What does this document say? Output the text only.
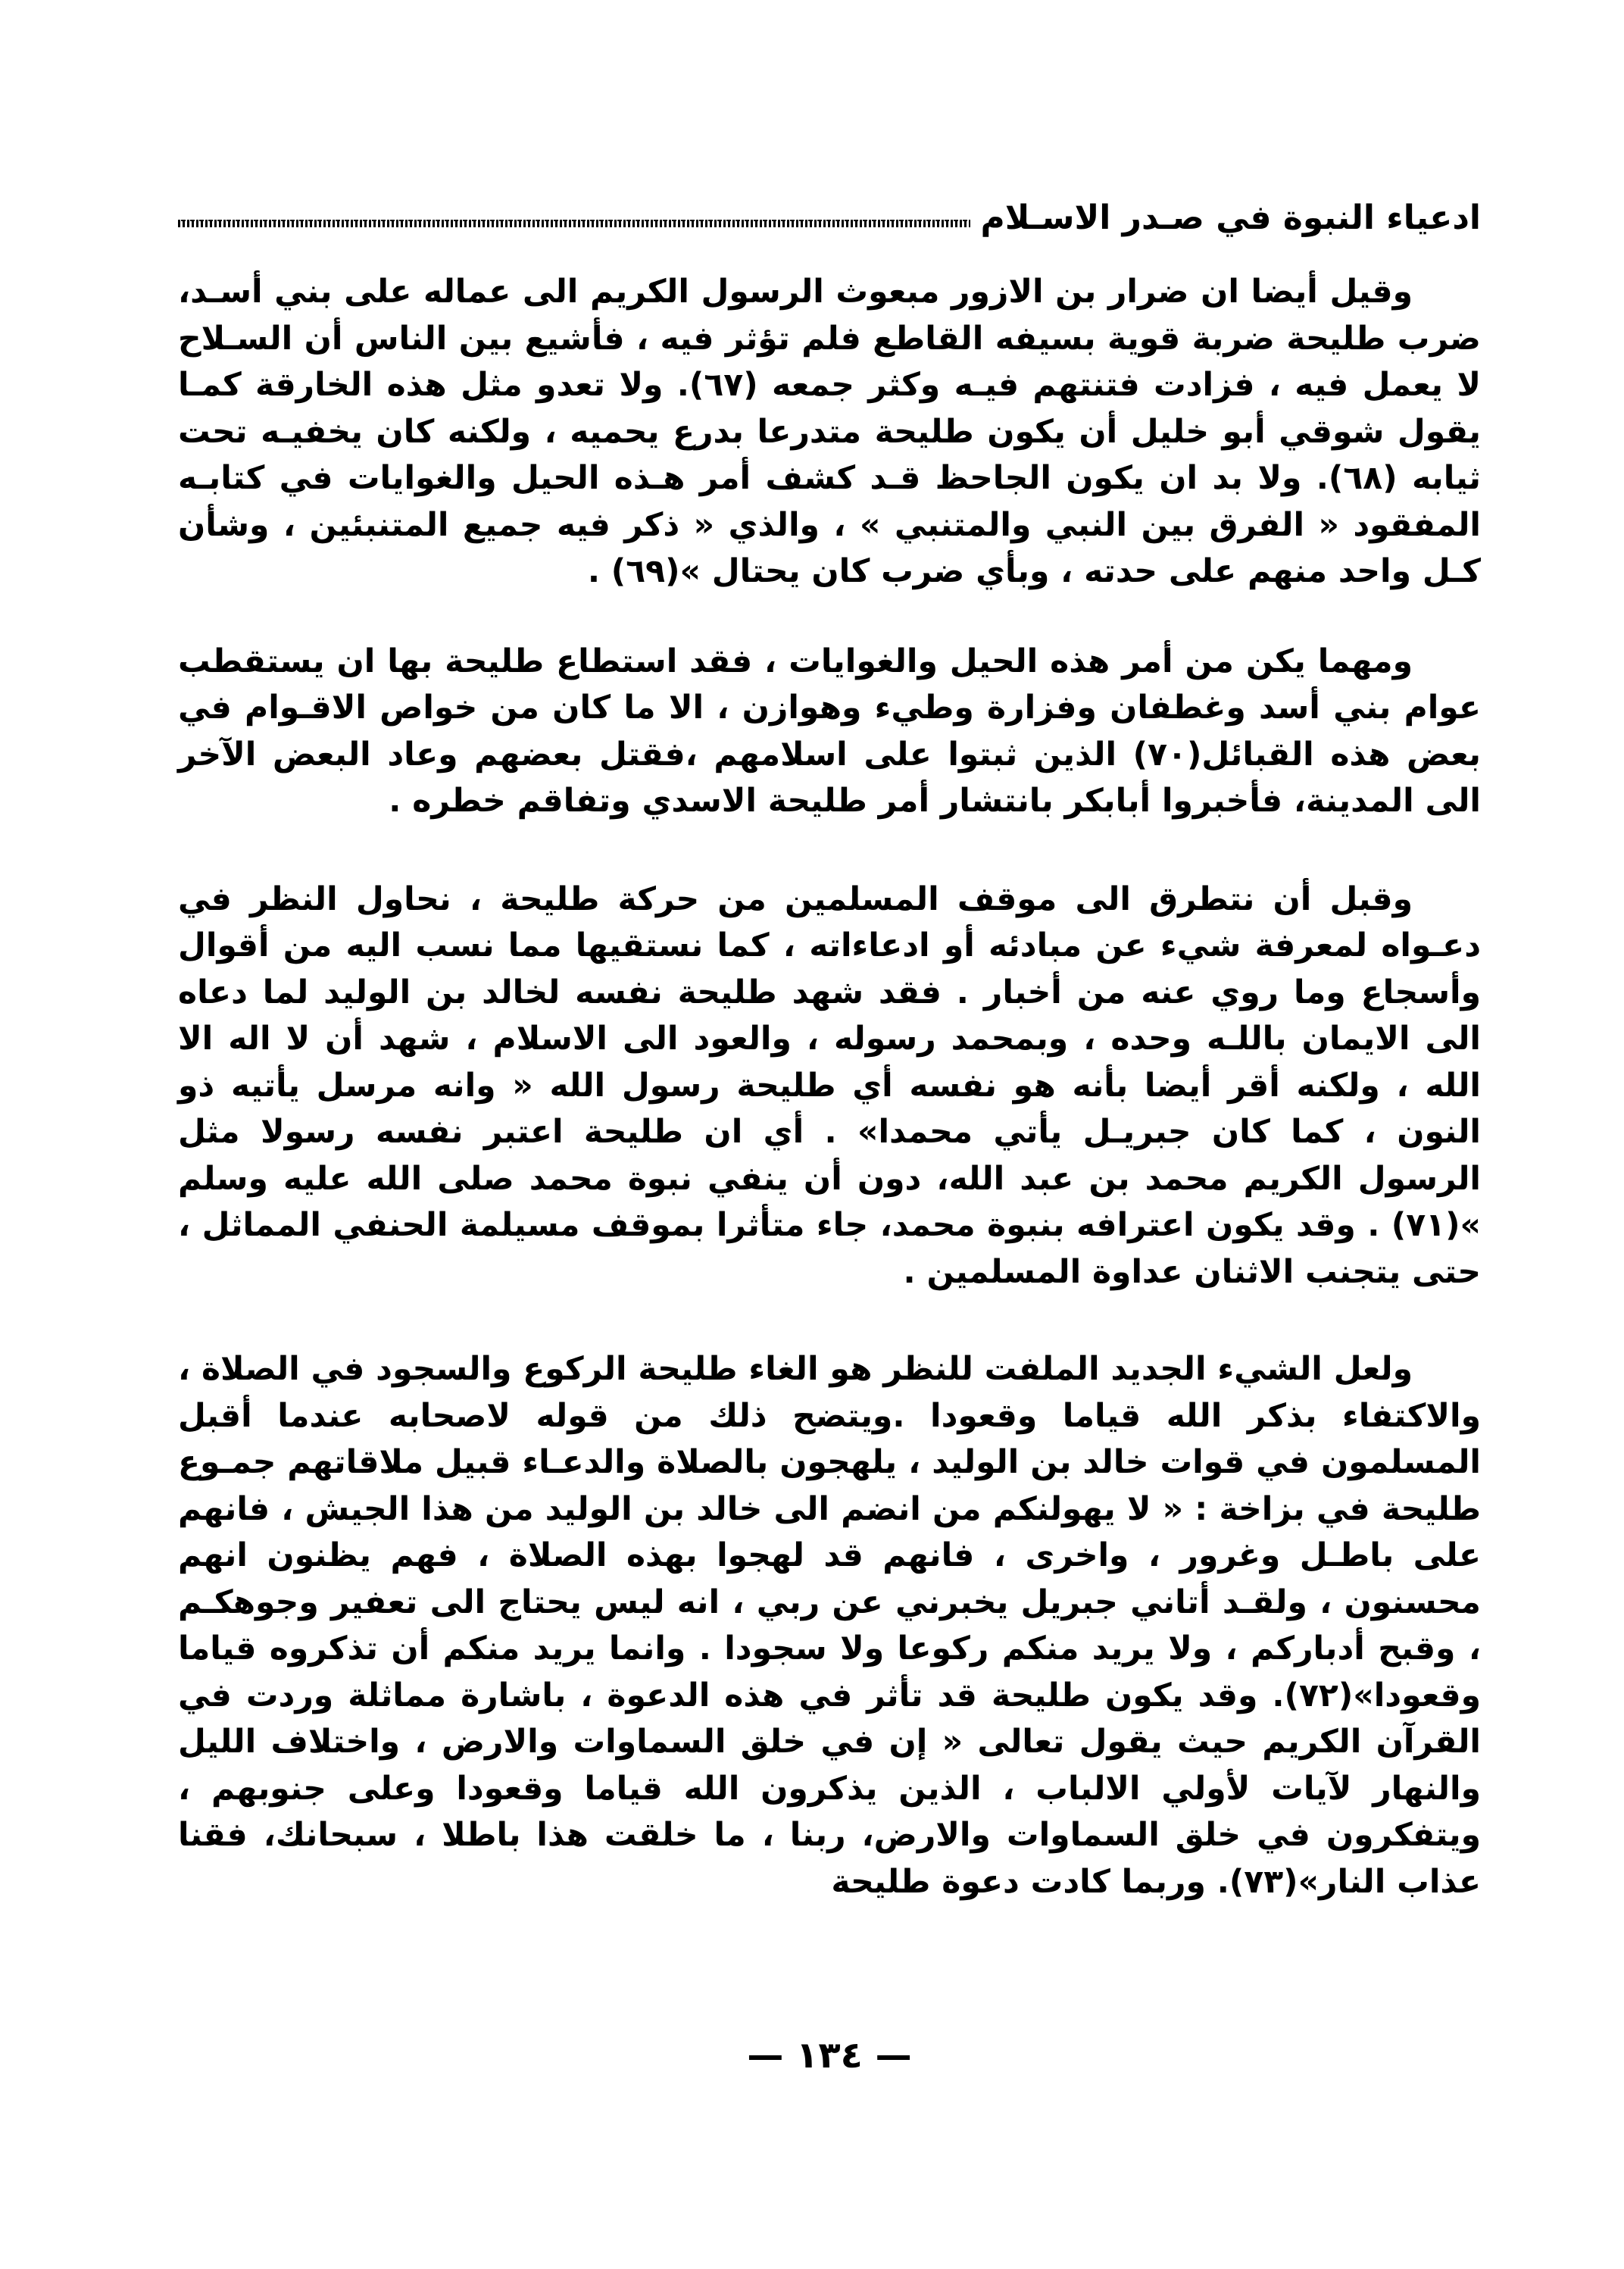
ادعياء النبوة في صـدر الاسـلام

وقيل أيضا ان ضرار بن الازور مبعوث الرسول الكريم الى عماله على بني أسـد، ضرب طليحة ضربة قوية بسيفه القاطع فلم تؤثر فيه ، فأشيع بين الناس أن السـلاح لا يعمل فيه ، فزادت فتنتهم فيـه وكثر جمعه (٦٧). ولا تعدو مثل هذه الخارقة كمـا يقول شوقي أبو خليل أن يكون طليحة متدرعا بدرع يحميه ، ولكنه كان يخفيـه تحت ثيابه (٦٨). ولا بد ان يكون الجاحظ قـد كشف أمر هـذه الحيل والغوايات في كتابـه المفقود « الفرق بين النبي والمتنبي » ، والذي « ذكر فيه جميع المتنبئين ، وشأن كـل واحد منهم على حدته ، وبأي ضرب كان يحتال »(٦٩) .

ومهما يكن من أمر هذه الحيل والغوايات ، فقد استطاع طليحة بها ان يستقطب عوام بني أسد وغطفان وفزارة وطيء وهوازن ، الا ما كان من خواص الاقـوام في بعض هذه القبائل(٧٠) الذين ثبتوا على اسلامهم ،فقتل بعضهم وعاد البعض الآخر الى المدينة، فأخبروا أبابكر بانتشار أمر طليحة الاسدي وتفاقم خطره .

وقبل أن نتطرق الى موقف المسلمين من حركة طليحة ، نحاول النظر في دعـواه لمعرفة شيء عن مبادئه أو ادعاءاته ، كما نستقيها مما نسب اليه من أقوال وأسجاع وما روي عنه من أخبار . فقد شهد طليحة نفسه لخالد بن الوليد لما دعاه الى الايمان باللـه وحده ، وبمحمد رسوله ، والعود الى الاسلام ، شهد أن لا اله الا الله ، ولكنه أقر أيضا بأنه هو نفسه أي طليحة رسول الله « وانه مرسل يأتيه ذو النون ، كما كان جبريـل يأتي محمدا» . أي ان طليحة اعتبر نفسه رسولا مثل الرسول الكريم محمد بن عبد الله، دون أن ينفي نبوة محمد صلى الله عليه وسلم »(٧١) . وقد يكون اعترافه بنبوة محمد، جاء متأثرا بموقف مسيلمة الحنفي المماثل ، حتى يتجنب الاثنان عداوة المسلمين .

ولعل الشيء الجديد الملفت للنظر هو الغاء طليحة الركوع والسجود في الصلاة ، والاكتفاء بذكر الله قياما وقعودا .ويتضح ذلك من قوله لاصحابه عندما أقبل المسلمون في قوات خالد بن الوليد ، يلهجون بالصلاة والدعـاء قبيل ملاقاتهم جمـوع طليحة في بزاخة : « لا يهولنكم من انضم الى خالد بن الوليد من هذا الجيش ، فانهم على باطـل وغرور ، واخرى ، فانهم قد لهجوا بهذه الصلاة ، فهم يظنون انهم محسنون ، ولقـد أتاني جبريل يخبرني عن ربي ، انه ليس يحتاج الى تعفير وجوهكـم ، وقبح أدباركم ، ولا يريد منكم ركوعا ولا سجودا . وانما يريد منكم أن تذكروه قياما وقعودا»(٧٢). وقد يكون طليحة قد تأثر في هذه الدعوة ، باشارة مماثلة وردت في القرآن الكريم حيث يقول تعالى « إن في خلق السماوات والارض ، واختلاف الليل والنهار لآيات لأولي الالباب ، الذين يذكرون الله قياما وقعودا وعلى جنوبهم ، ويتفكرون في خلق السماوات والارض، ربنا ، ما خلقت هذا باطلا ، سبحانك، فقنا عذاب النار»(٧٣). وربما كادت دعوة طليحة

— ١٣٤ —
